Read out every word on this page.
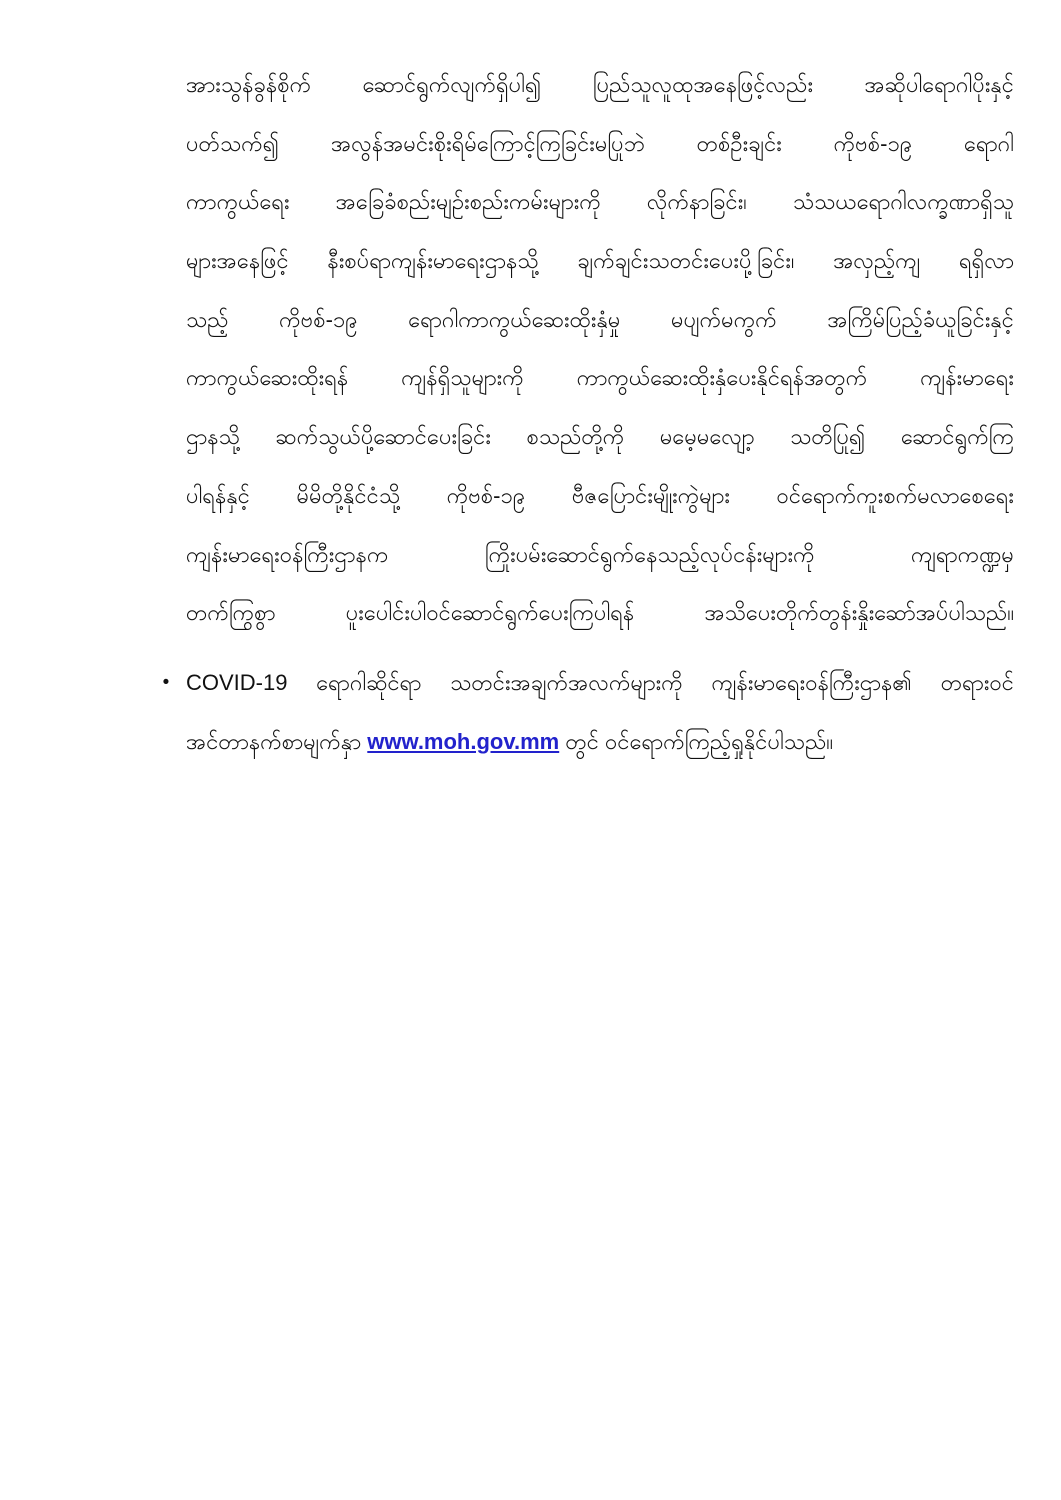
အားသွန်ခွန်စိုက် ဆောင်ရွက်လျက်ရှိပါ၍ ပြည်သူလူထုအနေဖြင့်လည်း အဆိုပါရောဂါပိုးနှင့်
ပတ်သက်၍ အလွန်အမင်းစိုးရိမ်ကြောင့်ကြခြင်းမပြုဘဲ တစ်ဦးချင်း ကိုဗစ်-၁၉ ရောဂါ
ကာကွယ်ရေး အခြေခံစည်းမျဉ်းစည်းကမ်းများကို လိုက်နာခြင်း၊ သံသယရောဂါလက္ခဏာရှိသူ
များအနေဖြင့် နီးစပ်ရာကျန်းမာရေးဌာနသို့ ချက်ချင်းသတင်းပေးပို့ခြင်း၊ အလှည့်ကျ ရရှိလာ
သည့် ကိုဗစ်-၁၉ ရောဂါကာကွယ်ဆေးထိုးနှံမှု မပျက်မကွက် အကြိမ်ပြည့်ခံယူခြင်းနှင့်
ကာကွယ်ဆေးထိုးရန် ကျန်ရှိသူများကို ကာကွယ်ဆေးထိုးနှံပေးနိုင်ရန်အတွက် ကျန်းမာရေး
ဌာနသို့ ဆက်သွယ်ပို့ဆောင်ပေးခြင်း စသည်တို့ကို မမေ့မလျော့ သတိပြု၍ ဆောင်ရွက်ကြ
ပါရန်နှင့် မိမိတို့နိုင်ငံသို့ ကိုဗစ်-၁၉ ဗီဇပြောင်းမျိုးကွဲများ ဝင်ရောက်ကူးစက်မလာစေရေး
ကျန်းမာရေးဝန်ကြီးဌာနက ကြိုးပမ်းဆောင်ရွက်နေသည့်လုပ်ငန်းများကို ကျရာကဏ္ဍမှ
တက်ကြွစွာ ပူးပေါင်းပါဝင်ဆောင်ရွက်ပေးကြပါရန် အသိပေးတိုက်တွန်းနှိုးဆော်အပ်ပါသည်။
• COVID-19 ရောဂါဆိုင်ရာ သတင်းအချက်အလက်များကို ကျန်းမာရေးဝန်ကြီးဌာန၏ တရားဝင်
အင်တာနက်စာမျက်နှာ www.moh.gov.mm တွင် ဝင်ရောက်ကြည့်ရှုနိုင်ပါသည်။
